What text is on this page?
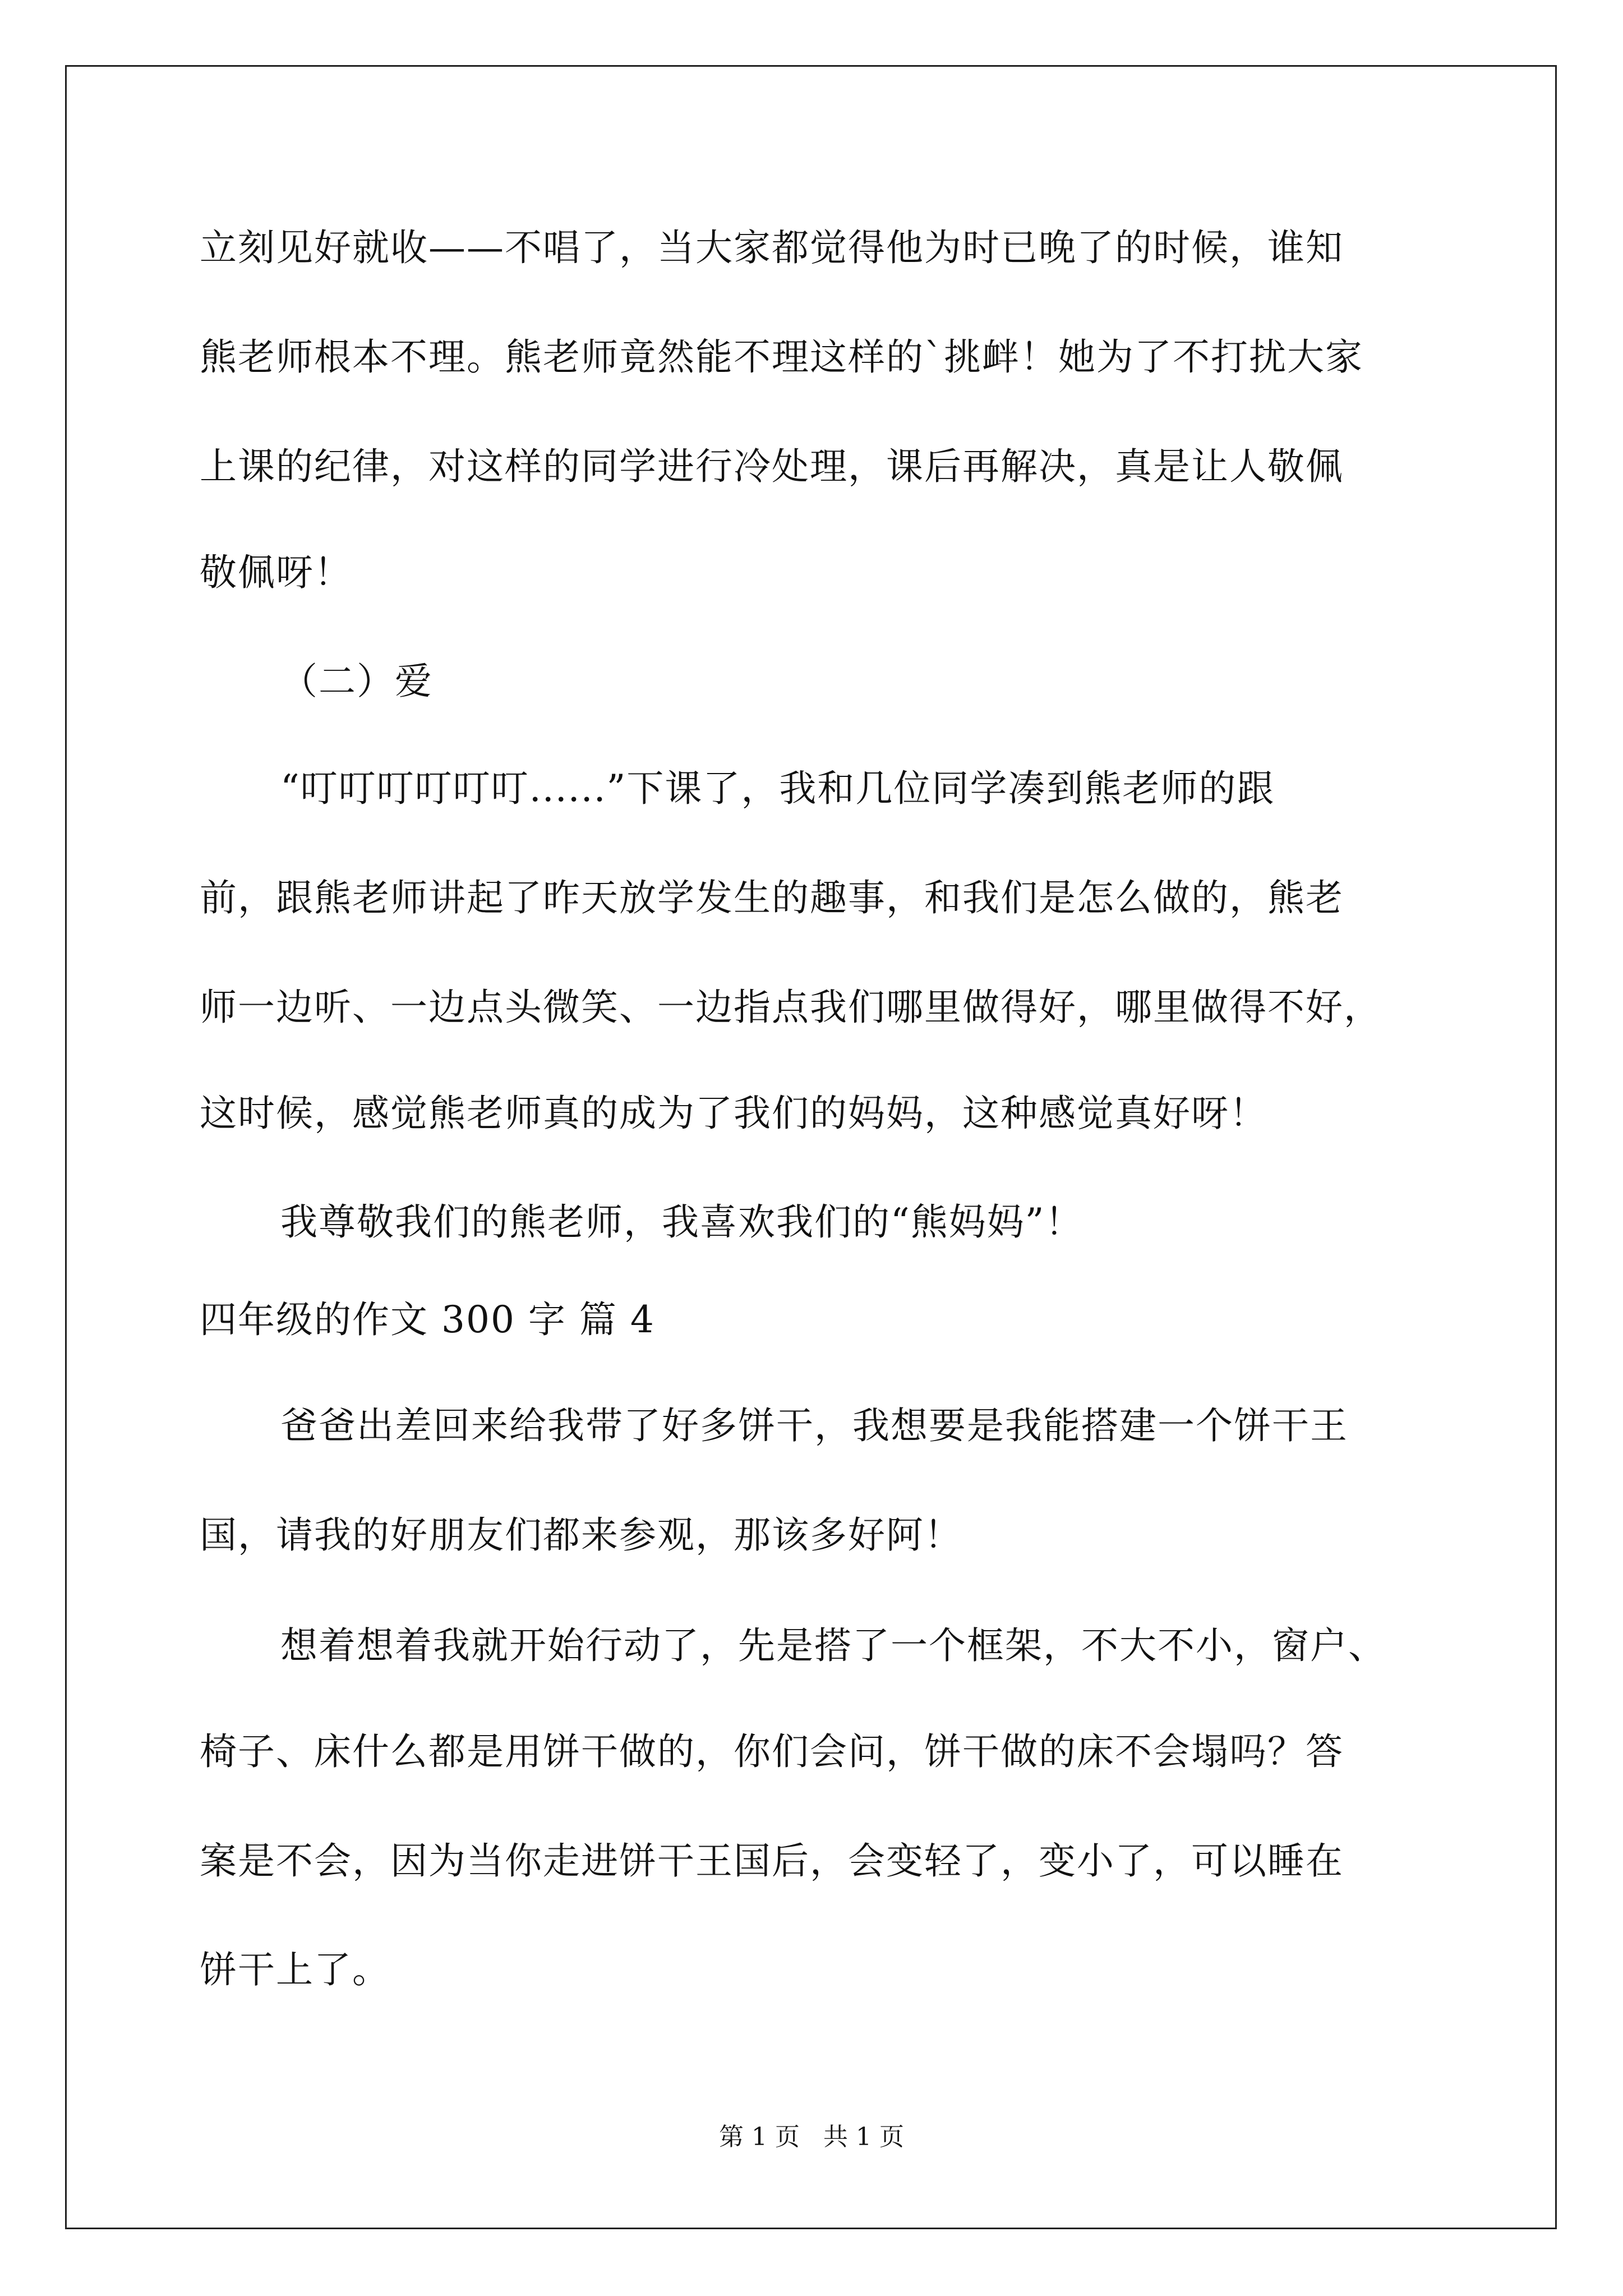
立刻见好就收——不唱了，当大家都觉得他为时已晚了的时候，谁知
熊老师根本不理。熊老师竟然能不理这样的`挑衅！她为了不打扰大家
上课的纪律，对这样的同学进行冷处理，课后再解决，真是让人敬佩
敬佩呀！
（二）爱
“叮叮叮叮叮叮......”下课了，我和几位同学凑到熊老师的跟
前，跟熊老师讲起了昨天放学发生的趣事，和我们是怎么做的，熊老
师一边听、一边点头微笑、一边指点我们哪里做得好，哪里做得不好，
这时候，感觉熊老师真的成为了我们的妈妈，这种感觉真好呀！
我尊敬我们的熊老师，我喜欢我们的“熊妈妈”！
四年级的作文 300 字 篇 4
爸爸出差回来给我带了好多饼干，我想要是我能搭建一个饼干王
国，请我的好朋友们都来参观，那该多好阿！
想着想着我就开始行动了，先是搭了一个框架，不大不小，窗户、
椅子、床什么都是用饼干做的，你们会问，饼干做的床不会塌吗？答
案是不会，因为当你走进饼干王国后，会变轻了，变小了，可以睡在
饼干上了。
第 1 页   共 1 页
